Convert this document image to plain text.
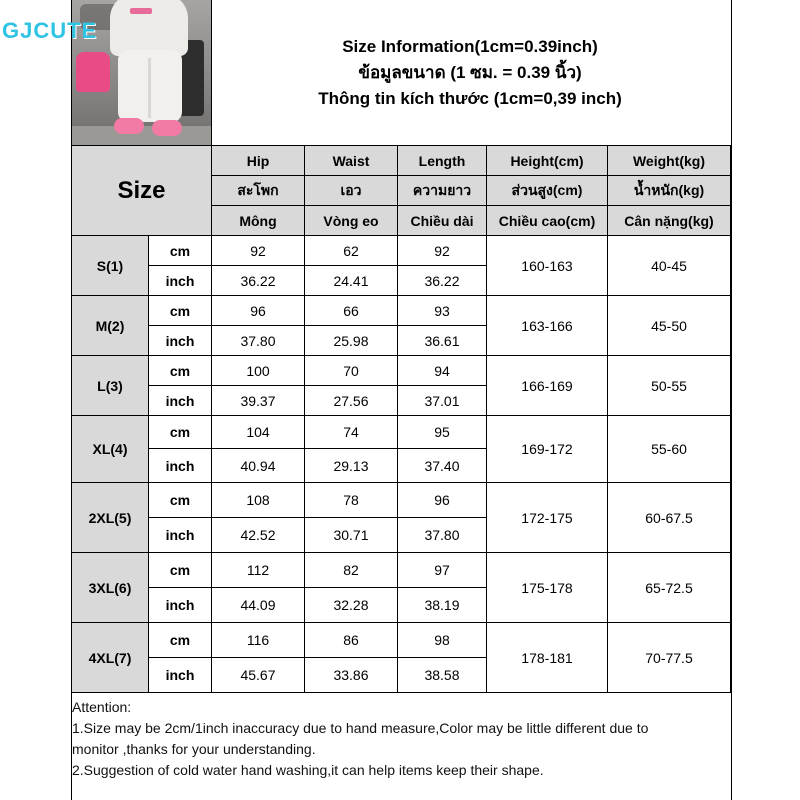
GJCUTE
Size Information(1cm=0.39inch)
ข้อมูลขนาด (1 ซม. = 0.39 นิ้ว)
Thông tin kích thước (1cm=0,39 inch)
Size		Hip	Waist	Length	Height(cm)	Weight(kg)
		สะโพก	เอว	ความยาว	ส่วนสูง(cm)	น้ำหนัก(kg)
		Mông	Vòng eo	Chiều dài	Chiều cao(cm)	Cân nặng(kg)
S(1)	cm	92	62	92	160-163	40-45
	inch	36.22	24.41	36.22		
M(2)	cm	96	66	93	163-166	45-50
	inch	37.80	25.98	36.61		
L(3)	cm	100	70	94	166-169	50-55
	inch	39.37	27.56	37.01		
XL(4)	cm	104	74	95	169-172	55-60
	inch	40.94	29.13	37.40		
2XL(5)	cm	108	78	96	172-175	60-67.5
	inch	42.52	30.71	37.80		
3XL(6)	cm	112	82	97	175-178	65-72.5
	inch	44.09	32.28	38.19		
4XL(7)	cm	116	86	98	178-181	70-77.5
	inch	45.67	33.86	38.58		
Attention:
1.Size may be 2cm/1inch inaccuracy due to hand measure,Color may be little different due to
monitor ,thanks for your understanding.
2.Suggestion of cold water hand washing,it can help items keep their shape.
